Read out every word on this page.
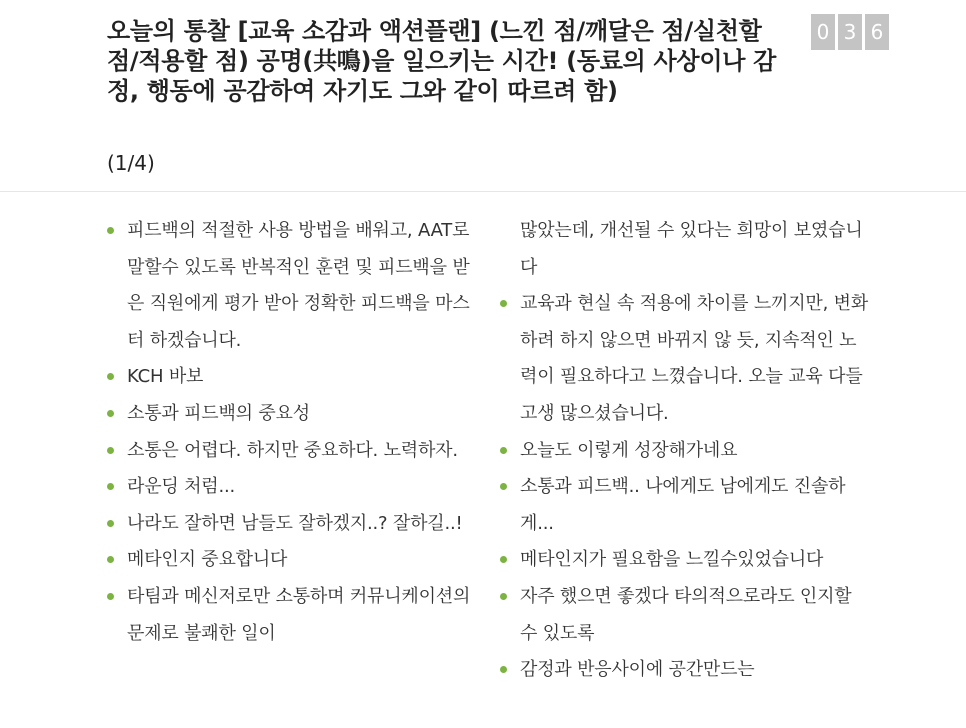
오늘의 통찰 [교육 소감과 액션플랜] (느낀 점/깨달은 점/실천할 점/적용할 점) 공명(共鳴)을 일으키는 시간! (동료의 사상이나 감정, 행동에 공감하여 자기도 그와 같이 따르려 함)
(1/4)
0 3 6
피드백의 적절한 사용 방법을 배워고, AAT로 말할수 있도록 반복적인 훈련 및 피드백을 받은 직원에게 평가 받아 정확한 피드백을 마스터 하겠습니다.
KCH 바보
소통과 피드백의 중요성
소통은 어렵다. 하지만 중요하다. 노력하자.
라운딩 처럼...
나라도 잘하면 남들도 잘하겠지..? 잘하길..!
메타인지 중요합니다
타팀과 메신저로만 소통하며 커뮤니케이션의 문제로 불쾌한 일이
많았는데, 개선될 수 있다는 희망이 보였습니다
교육과 현실 속 적용에 차이를 느끼지만, 변화하려 하지 않으면 바뀌지 않 듯, 지속적인 노력이 필요하다고 느꼈습니다. 오늘 교육 다들 고생 많으셨습니다.
오늘도 이렇게 성장해가네요
소통과 피드백.. 나에게도 남에게도 진솔하게...
메타인지가 필요함을 느낄수있었습니다
자주 했으면 좋겠다 타의적으로라도 인지할 수 있도록
감정과 반응사이에 공간만드는
